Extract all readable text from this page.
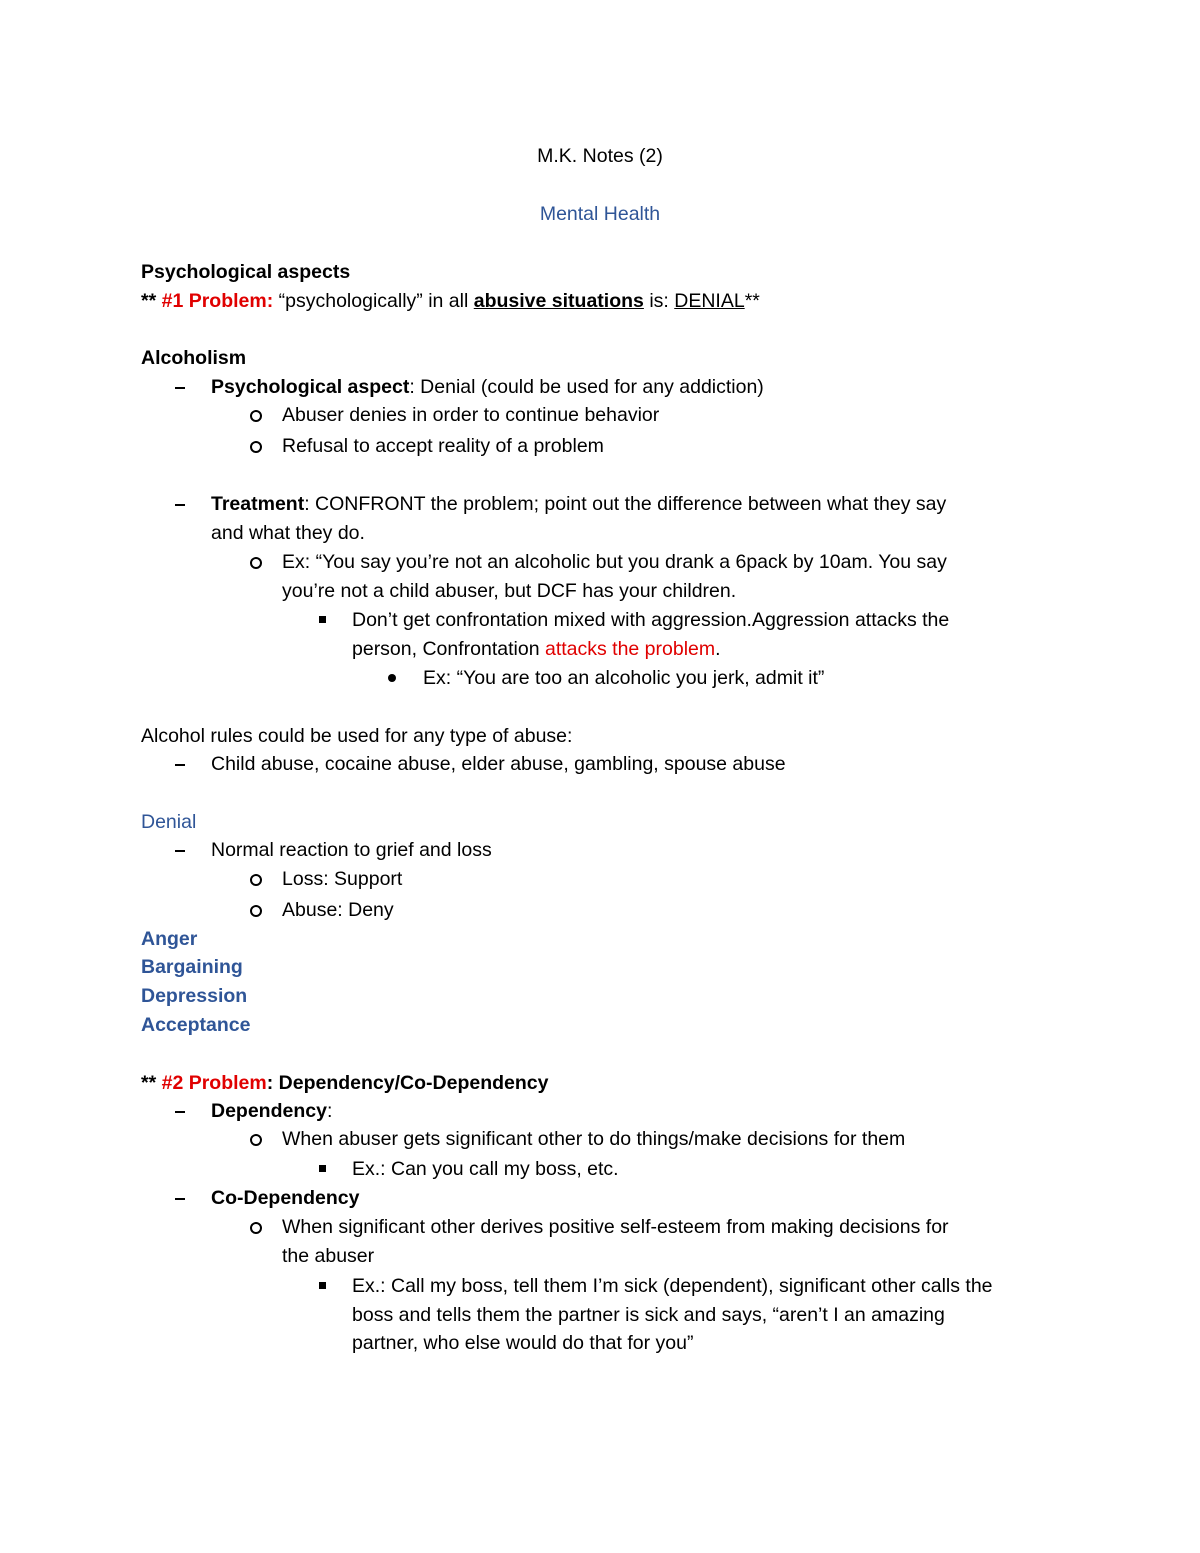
M.K. Notes (2)
Mental Health
Psychological aspects
** #1 Problem: “psychologically” in all abusive situations is: DENIAL**
Alcoholism
Psychological aspect: Denial (could be used for any addiction)
Abuser denies in order to continue behavior
Refusal to accept reality of a problem
Treatment: CONFRONT the problem; point out the difference between what they say
and what they do.
Ex: “You say you’re not an alcoholic but you drank a 6pack by 10am. You say
you’re not a child abuser, but DCF has your children.
Don’t get confrontation mixed with aggression.Aggression attacks the
person, Confrontation attacks the problem.
Ex: “You are too an alcoholic you jerk, admit it”
Alcohol rules could be used for any type of abuse:
Child abuse, cocaine abuse, elder abuse, gambling, spouse abuse
Denial
Normal reaction to grief and loss
Loss: Support
Abuse: Deny
Anger
Bargaining
Depression
Acceptance
** #2 Problem: Dependency/Co-Dependency
Dependency:
When abuser gets significant other to do things/make decisions for them
Ex.: Can you call my boss, etc.
Co-Dependency
When significant other derives positive self-esteem from making decisions for
the abuser
Ex.: Call my boss, tell them I’m sick (dependent), significant other calls the
boss and tells them the partner is sick and says, “aren’t I an amazing
partner, who else would do that for you”
